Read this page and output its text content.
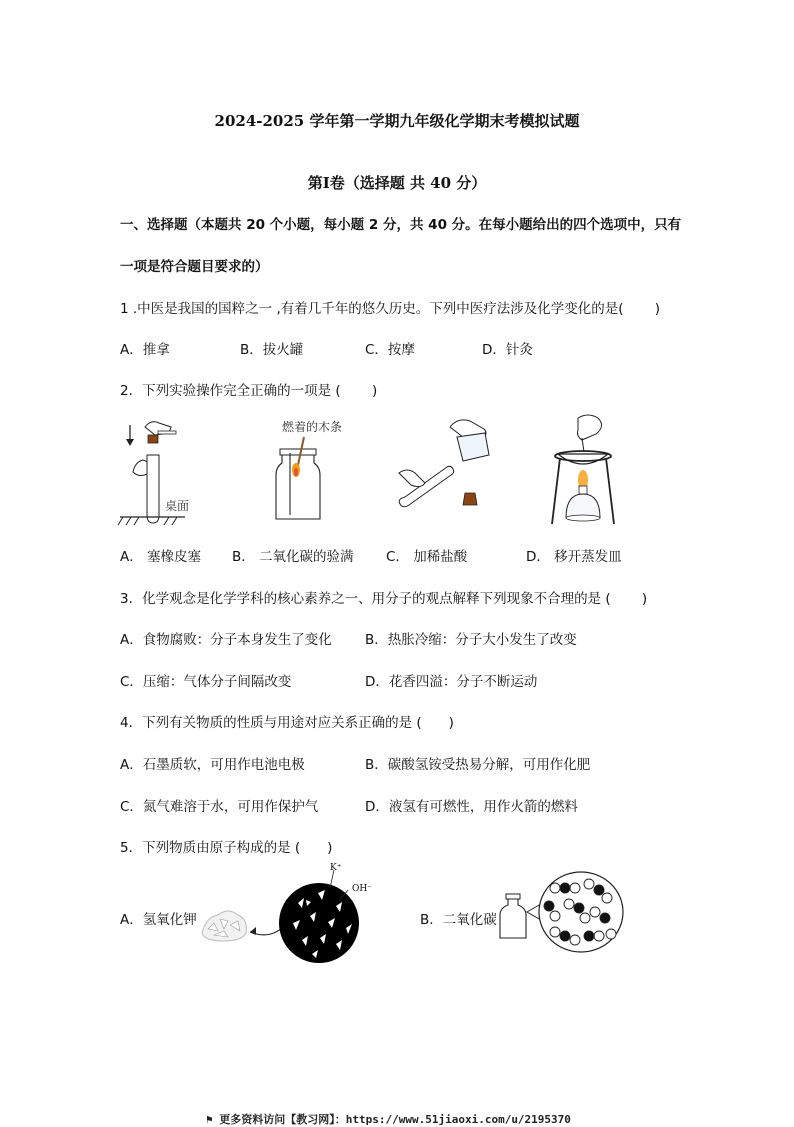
2024-2025 学年第一学期九年级化学期末考模拟试题
第Ⅰ卷（选择题 共 40 分）
一、选择题（本题共 20 个小题，每小题 2 分，共 40 分。在每小题给出的四个选项中，只有
一项是符合题目要求的）
1 .中医是我国的国粹之一 ,有着几千年的悠久历史。下列中医疗法涉及化学变化的是(　　 )
A．推拿	B．拔火罐	C．按摩	D．针灸
2．下列实验操作完全正确的一项是 (　　 )
桌面
燃着的木条
A． 塞橡皮塞 B． 二氧化碳的验满 C． 加稀盐酸	D． 移开蒸发皿
3．化学观念是化学学科的核心素养之一、用分子的观点解释下列现象不合理的是 (　　 )
A．食物腐败：分子本身发生了变化 B．热胀冷缩：分子大小发生了改变
C．压缩：气体分子间隔改变	D．花香四溢：分子不断运动
4．下列有关物质的性质与用途对应关系正确的是 (　　)
A．石墨质软，可用作电池电极	B．碳酸氢铵受热易分解，可用作化肥
C．氮气难溶于水，可用作保护气	D．液氢有可燃性，用作火箭的燃料
5．下列物质由原子构成的是 (　　)
A．氢氧化钾
K⁺
OH⁻
B．二氧化碳
⚑ 更多资料访问【教习网】：https://www.51jiaoxi.com/u/2195370
